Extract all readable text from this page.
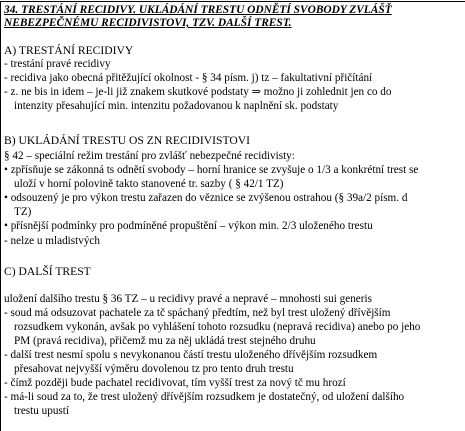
34. TRESTÁNÍ RECIDIVY. UKLÁDÁNÍ TRESTU ODNĚTÍ SVOBODY ZVLÁŠŤ
NEBEZPEČNÉMU RECIDIVISTOVI, TZV. DALŠÍ TREST.
A) TRESTÁNÍ RECIDIVY
- trestání pravé recidivy
- recidiva jako obecná přitěžující okolnost - § 34 písm. j) tz – fakultativní přičítání
- z. ne bis in idem – je-li již znakem skutkové podstaty ⇒ možno ji zohlednit jen co do
intenzity přesahující min. intenzitu požadovanou k naplnění sk. podstaty
B) UKLÁDÁNÍ TRESTU OS ZN RECIDIVISTOVI
§ 42 – speciální režim trestání pro zvlášť nebezpečné recidivisty:
• zpřísňuje se zákonná ts odnětí svobody – horní hranice se zvyšuje o 1/3 a konkrétní trest se
uloží v horní polovině takto stanovené tr. sazby ( § 42/1 TZ)
• odsouzený je pro výkon trestu zařazen do věznice se zvýšenou ostrahou (§ 39a/2 písm. d
TZ)
• přísnější podmínky pro podmíněné propuštění – výkon min. 2/3 uloženého trestu
- nelze u mladistvých
C) DALŠÍ TREST
uložení dalšího trestu § 36 TZ – u recidivy pravé a nepravé – mnohosti sui generis
- soud má odsuzovat pachatele za tč spáchaný předtím, než byl trest uložený dřívějším
rozsudkem vykonán, avšak po vyhlášení tohoto rozsudku (nepravá recidiva) anebo po jeho
PM (pravá recidiva), přičemž mu za něj ukládá trest stejného druhu
- další trest nesmí spolu s nevykonanou částí trestu uloženého dřívějším rozsudkem
přesahovat nejvyšší výměru dovolenou tz pro tento druh trestu
- čímž později bude pachatel recidivovat, tím vyšší trest za nový tč mu hrozí
- má-li soud za to, že trest uložený dřívějším rozsudkem je dostatečný, od uložení dalšího
trestu upustí
